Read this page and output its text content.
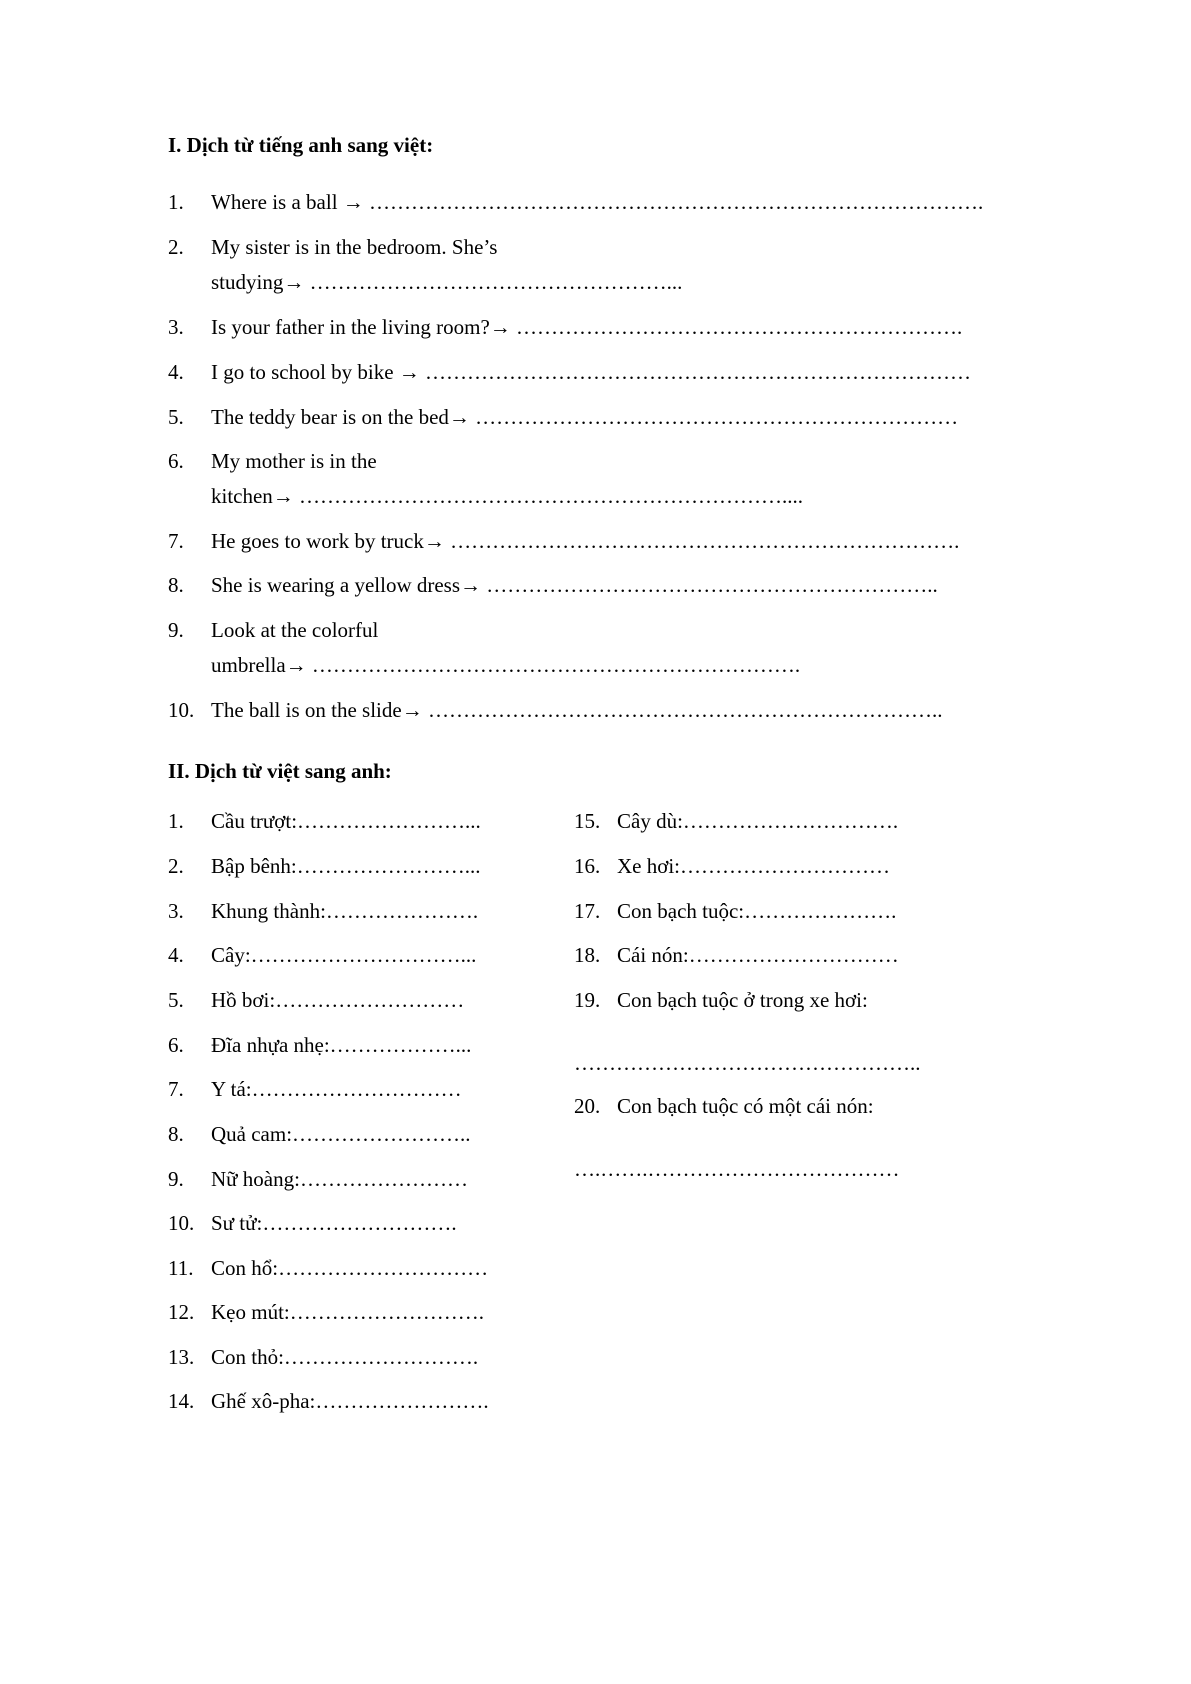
I. Dịch từ tiếng anh sang việt:
1. Where is a ball → …………………………………………………………………………….
2. My sister is in the bedroom. She’s
studying→ ……………………………………………...
3. Is your father in the living room?→ ……………………………………………………….
4. I go to school by bike → ……………………………………………………………………
5. The teddy bear is on the bed→ ……………………………………………………………
6. My mother is in the
kitchen→ ……………………………………………………………....
7. He goes to work by truck→ ……………………………………………………………….
8. She is wearing a yellow dress→ ………………………………………………………..
9. Look at the colorful
umbrella→ …………………………………………………………….
10. The ball is on the slide→ ………………………………………………………………..
II. Dịch từ việt sang anh:
1. Cầu trượt:……………………...
2. Bập bênh:……………………...
3. Khung thành:………………….
4. Cây:…………………………...
5. Hồ bơi:………………………
6. Đĩa nhựa nhẹ:………………...
7. Y tá:…………………………
8. Quả cam:……………………..
9. Nữ hoàng:……………………
10. Sư tử:……………………….
11. Con hổ:…………………………
12. Kẹo mút:……………………….
13. Con thỏ:……………………….
14. Ghế xô-pha:…………………….
15. Cây dù:………………………….
16. Xe hơi:…………………………
17. Con bạch tuộc:………………….
18. Cái nón:…………………………
19. Con bạch tuộc ở trong xe hơi:
…………………………………………..
20. Con bạch tuộc có một cái nón:
….…….………………………………
